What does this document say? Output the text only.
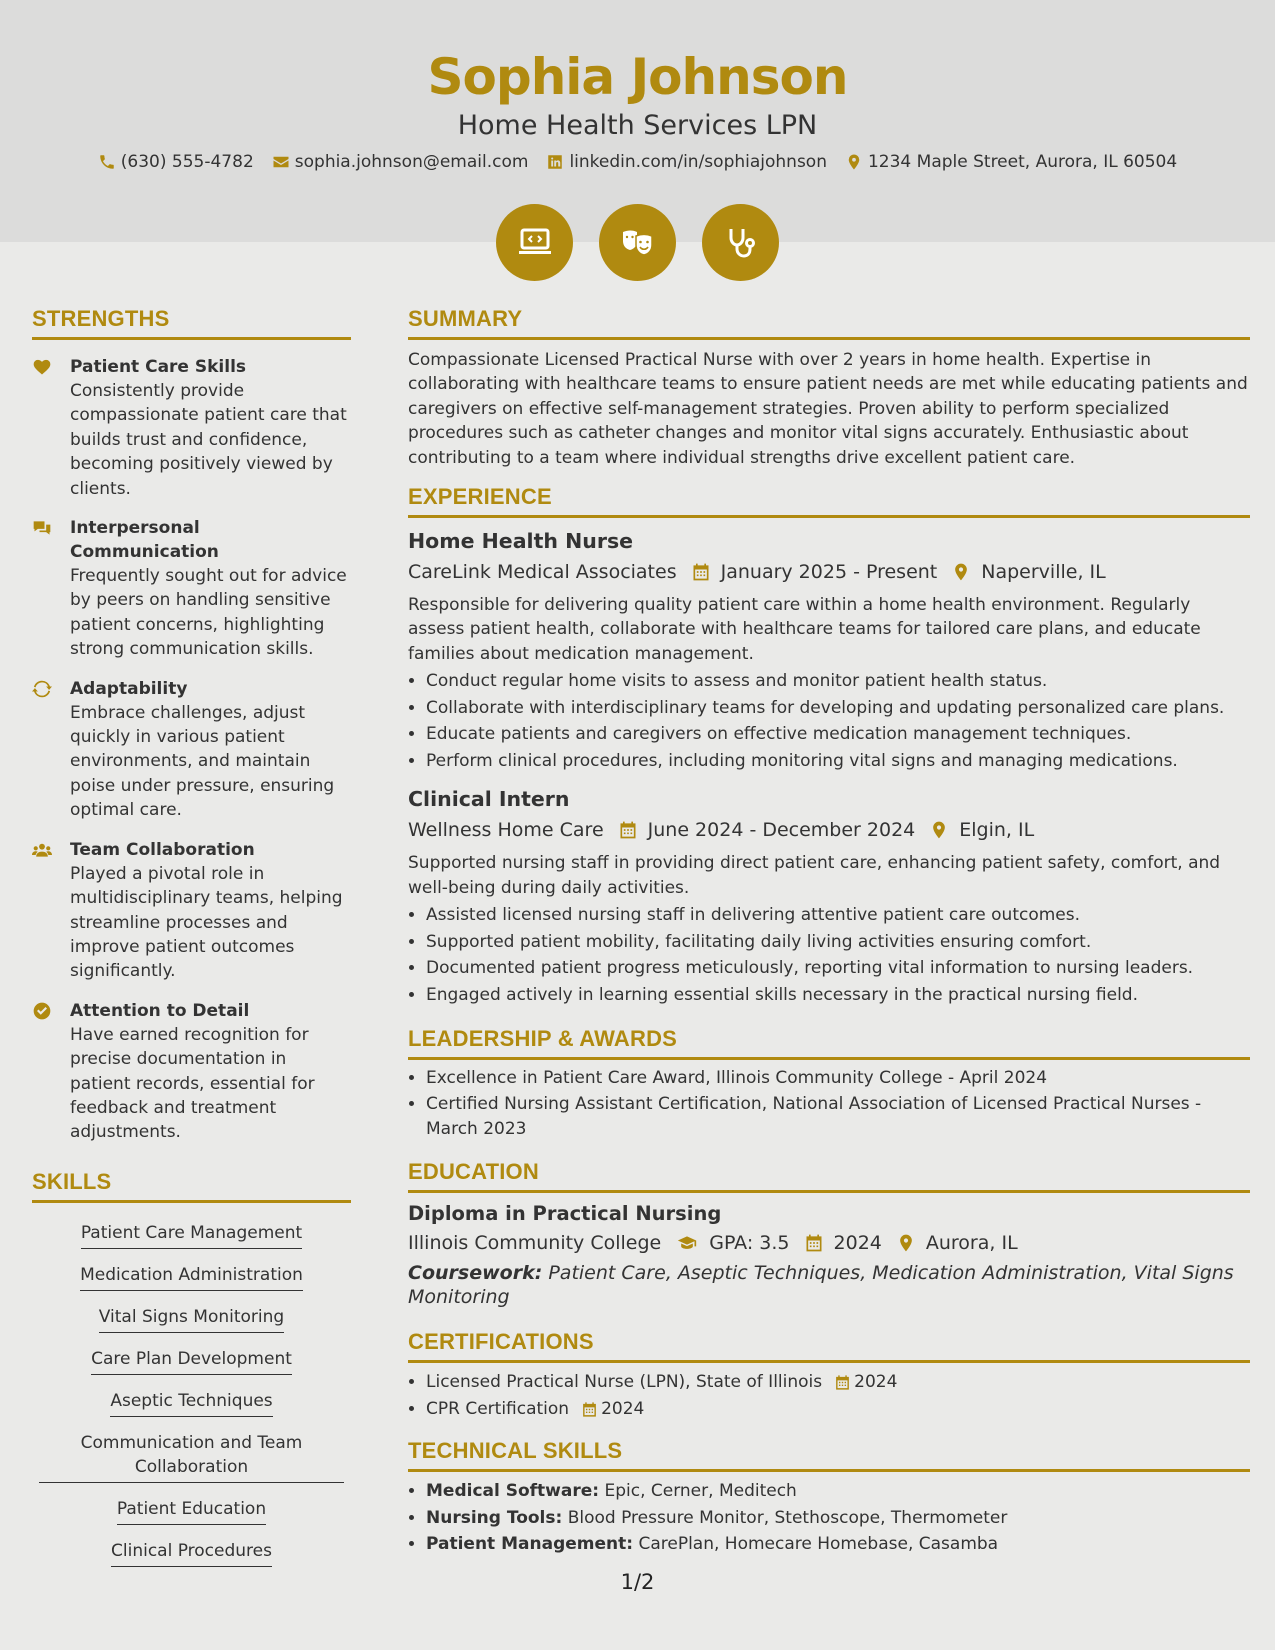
Sophia Johnson
Home Health Services LPN
(630) 555-4782 sophia.johnson@email.com linkedin.com/in/sophiajohnson 1234 Maple Street, Aurora, IL 60504
STRENGTHS
Patient Care Skills
Consistently provide compassionate patient care that builds trust and confidence, becoming positively viewed by clients.
Interpersonal Communication
Frequently sought out for advice by peers on handling sensitive patient concerns, highlighting strong communication skills.
Adaptability
Embrace challenges, adjust quickly in various patient environments, and maintain poise under pressure, ensuring optimal care.
Team Collaboration
Played a pivotal role in multidisciplinary teams, helping streamline processes and improve patient outcomes significantly.
Attention to Detail
Have earned recognition for precise documentation in patient records, essential for feedback and treatment adjustments.
SKILLS
Patient Care Management
Medication Administration
Vital Signs Monitoring
Care Plan Development
Aseptic Techniques
Communication and Team Collaboration
Patient Education
Clinical Procedures
SUMMARY
Compassionate Licensed Practical Nurse with over 2 years in home health. Expertise in collaborating with healthcare teams to ensure patient needs are met while educating patients and caregivers on effective self-management strategies. Proven ability to perform specialized procedures such as catheter changes and monitor vital signs accurately. Enthusiastic about contributing to a team where individual strengths drive excellent patient care.
EXPERIENCE
Home Health Nurse
CareLink Medical Associates January 2025 - Present Naperville, IL
Responsible for delivering quality patient care within a home health environment. Regularly assess patient health, collaborate with healthcare teams for tailored care plans, and educate families about medication management.
• Conduct regular home visits to assess and monitor patient health status.
• Collaborate with interdisciplinary teams for developing and updating personalized care plans.
• Educate patients and caregivers on effective medication management techniques.
• Perform clinical procedures, including monitoring vital signs and managing medications.
Clinical Intern
Wellness Home Care June 2024 - December 2024 Elgin, IL
Supported nursing staff in providing direct patient care, enhancing patient safety, comfort, and well-being during daily activities.
• Assisted licensed nursing staff in delivering attentive patient care outcomes.
• Supported patient mobility, facilitating daily living activities ensuring comfort.
• Documented patient progress meticulously, reporting vital information to nursing leaders.
• Engaged actively in learning essential skills necessary in the practical nursing field.
LEADERSHIP & AWARDS
• Excellence in Patient Care Award, Illinois Community College - April 2024
• Certified Nursing Assistant Certification, National Association of Licensed Practical Nurses - March 2023
EDUCATION
Diploma in Practical Nursing
Illinois Community College	GPA: 3.5 2024 Aurora, IL
Coursework: Patient Care, Aseptic Techniques, Medication Administration, Vital Signs Monitoring
CERTIFICATIONS
• Licensed Practical Nurse (LPN), State of Illinois 2024
• CPR Certification 2024
TECHNICAL SKILLS
• Medical Software: Epic, Cerner, Meditech
• Nursing Tools: Blood Pressure Monitor, Stethoscope, Thermometer
• Patient Management: CarePlan, Homecare Homebase, Casamba
1/2
